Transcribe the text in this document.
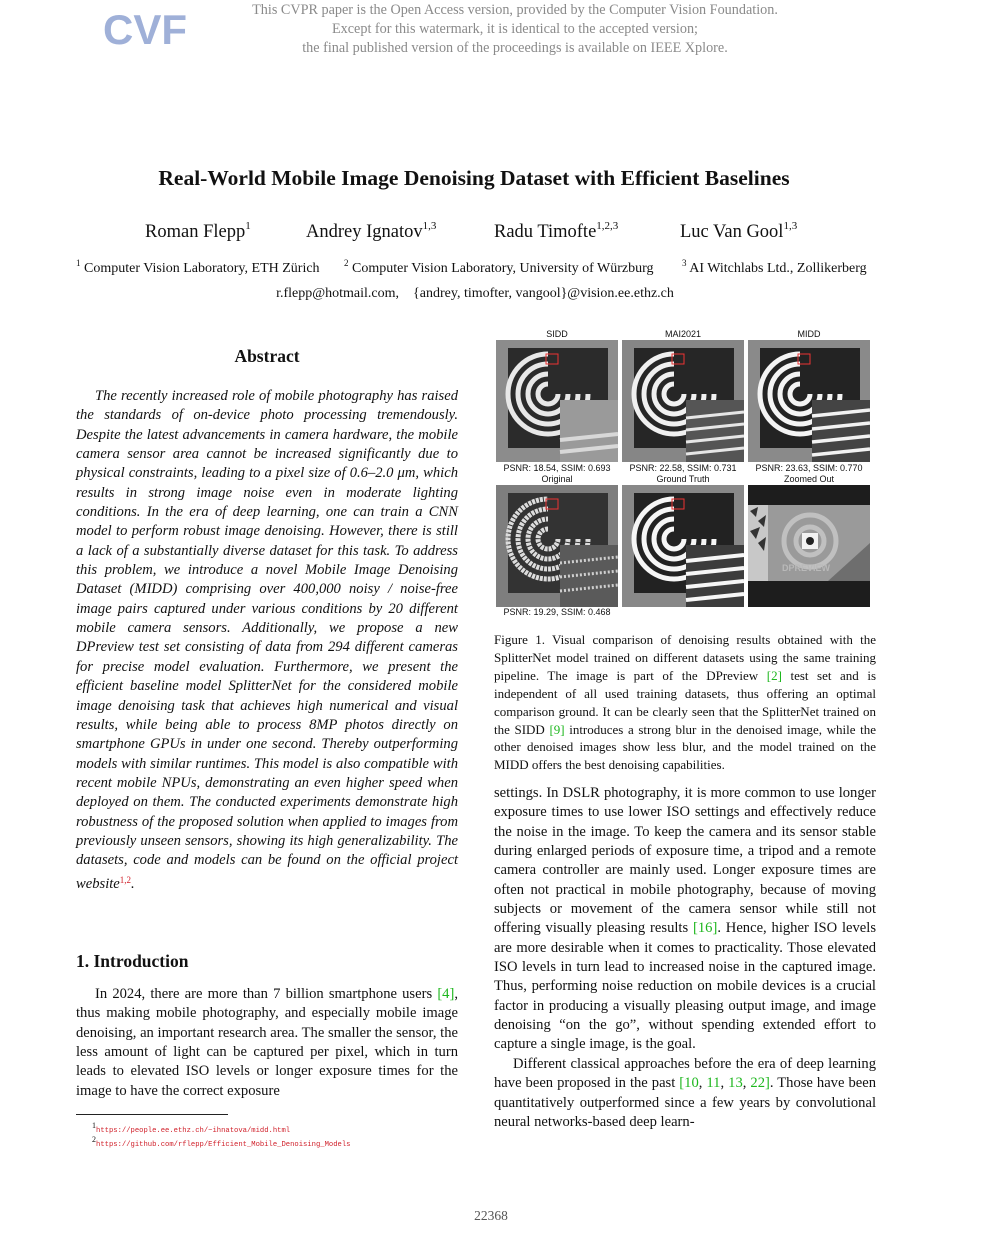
CVF	This CVPR paper is the Open Access version, provided by the Computer Vision Foundation.
Except for this watermark, it is identical to the accepted version;
the final published version of the proceedings is available on IEEE Xplore.
Real-World Mobile Image Denoising Dataset with Efficient Baselines
Roman Flepp$^1$	Andrey Ignatov$^{1,3}$	Radu Timofte$^{1,2,3}$	Luc Van Gool$^{1,3}$
$^1$ Computer Vision Laboratory, ETH Zürich	$^2$ Computer Vision Laboratory, University of Würzburg	$^3$ AI Witchlabs Ltd., Zollikerberg
r.flepp@hotmail.com, {andrey, timofter, vangool}@vision.ee.ethz.ch
Abstract

The recently increased role of mobile photography has raised the standards of on-device photo processing tremendously. Despite the latest advancements in camera hardware, the mobile camera sensor area cannot be increased significantly due to physical constraints, leading to a pixel size of 0.6–2.0 μm, which results in strong image noise even in moderate lighting conditions. In the era of deep learning, one can train a CNN model to perform robust image denoising. However, there is still a lack of a substantially diverse dataset for this task. To address this problem, we introduce a novel Mobile Image Denoising Dataset (MIDD) comprising over 400,000 noisy / noise-free image pairs captured under various conditions by 20 different mobile camera sensors. Additionally, we propose a new DPreview test set consisting of data from 294 different cameras for precise model evaluation. Furthermore, we present the efficient baseline model SplitterNet for the considered mobile image denoising task that achieves high numerical and visual results, while being able to process 8MP photos directly on smartphone GPUs in under one second. Thereby outperforming models with similar runtimes. This model is also compatible with recent mobile NPUs, demonstrating an even higher speed when deployed on them. The conducted experiments demonstrate high robustness of the proposed solution when applied to images from previously unseen sensors, showing its high generalizability. The datasets, code and models can be found on the official project website$^{1,2}$.

1. Introduction

In 2024, there are more than 7 billion smartphone users [4], thus making mobile photography, and especially mobile image denoising, an important research area. The smaller the sensor, the less amount of light can be captured per pixel, which in turn leads to elevated ISO levels or longer exposure times for the image to have the correct exposure

$^1$https://people.ee.ethz.ch/~ihnatova/midd.html
$^2$https://github.com/rflepp/Efficient_Mobile_Denoising_Models
SIDD
PSNR: 18.54, SSIM: 0.693
MAI2021
PSNR: 22.58, SSIM: 0.731
MIDD
PSNR: 23.63, SSIM: 0.770
Original
PSNR: 19.29, SSIM: 0.468
Ground Truth	Zoomed Out
DPREVIEW

Figure 1. Visual comparison of denoising results obtained with the SplitterNet model trained on different datasets using the same training pipeline. The image is part of the DPreview [2] test set and is independent of all used training datasets, thus offering an optimal comparison ground. It can be clearly seen that the SplitterNet trained on the SIDD [9] introduces a strong blur in the denoised image, while the other denoised images show less blur, and the model trained on the MIDD offers the best denoising capabilities.

settings. In DSLR photography, it is more common to use longer exposure times to use lower ISO settings and effectively reduce the noise in the image. To keep the camera and its sensor stable during enlarged periods of exposure time, a tripod and a remote camera controller are mainly used. Longer exposure times are often not practical in mobile photography, because of moving subjects or movement of the camera sensor while still not offering visually pleasing results [16]. Hence, higher ISO levels are more desirable when it comes to practicality. Those elevated ISO levels in turn lead to increased noise in the captured image. Thus, performing noise reduction on mobile devices is a crucial factor in producing a visually pleasing output image, and image denoising “on the go”, without spending extended effort to capture a single image, is the goal.

Different classical approaches before the era of deep learning have been proposed in the past [10, 11, 13, 22]. Those have been quantitatively outperformed since a few years by convolutional neural networks-based deep learn-

22368
